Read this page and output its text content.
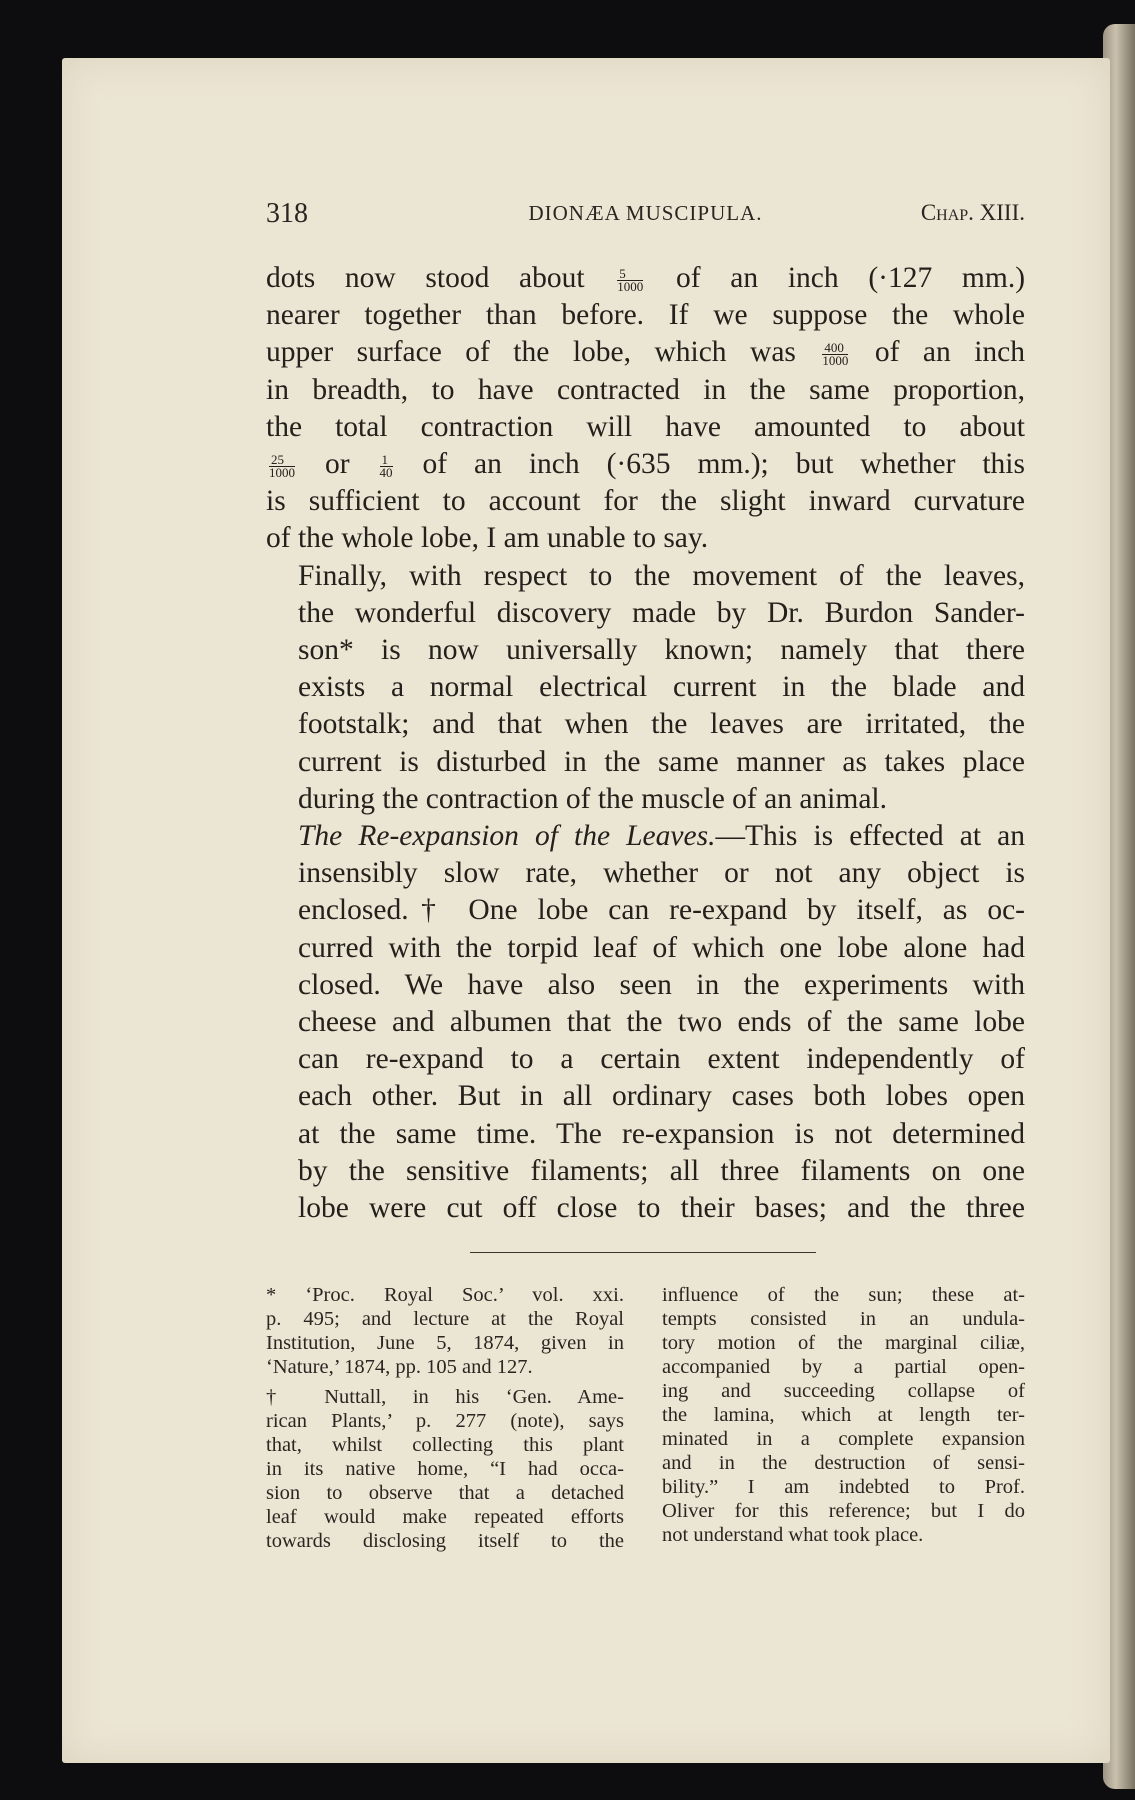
318	DIONÆA MUSCIPULA.	Chap. XIII.

dots now stood about	$\frac{5}{1000}$ of an inch (·127 mm.)
nearer together than before. If we suppose the whole
upper surface of the lobe, which was $\frac{400}{1000}$ of an inch
in breadth, to have contracted in the same proportion,
the total contraction will have amounted to about
$\frac{25}{1000}$ or $\frac{1}{40}$ of an inch (·635 mm.); but whether this
is sufficient to account for the slight inward curvature
of the whole lobe, I am unable to say.

Finally, with respect to the movement of the leaves,
the wonderful discovery made by Dr. Burdon Sander-
son* is now universally known; namely that there
exists a normal electrical current in the blade and
footstalk; and that when the leaves are irritated, the
current is disturbed in the same manner as takes place
during the contraction of the muscle of an animal.

The Re-expansion of the Leaves.—This is effected at an
insensibly slow rate, whether or not any object is
enclosed.† One lobe can re-expand by itself, as oc-
curred with the torpid leaf of which one lobe alone had
closed. We have also seen in the experiments with
cheese and albumen that the two ends of the same lobe
can re-expand to a certain extent independently of
each other. But in all ordinary cases both lobes open
at the same time. The re-expansion is not determined
by the sensitive filaments; all three filaments on one
lobe were cut off close to their bases; and the three

* ‘Proc. Royal Soc.’ vol. xxi.
p. 495; and lecture at the Royal
Institution, June 5, 1874, given in
‘Nature,’ 1874, pp. 105 and 127.

† Nuttall, in his ‘Gen. Ame-
rican Plants,’ p. 277 (note), says
that, whilst collecting this plant
in its native home, “I had occa-
sion to observe that a detached
leaf would make repeated efforts
towards disclosing itself to the

influence of the sun; these at-
tempts consisted in an undula-
tory motion of the marginal ciliæ,
accompanied by a partial open-
ing and succeeding collapse of
the lamina, which at length ter-
minated in a complete expansion
and in the destruction of sensi-
bility.” I am indebted to Prof.
Oliver for this reference; but I do
not understand what took place.
